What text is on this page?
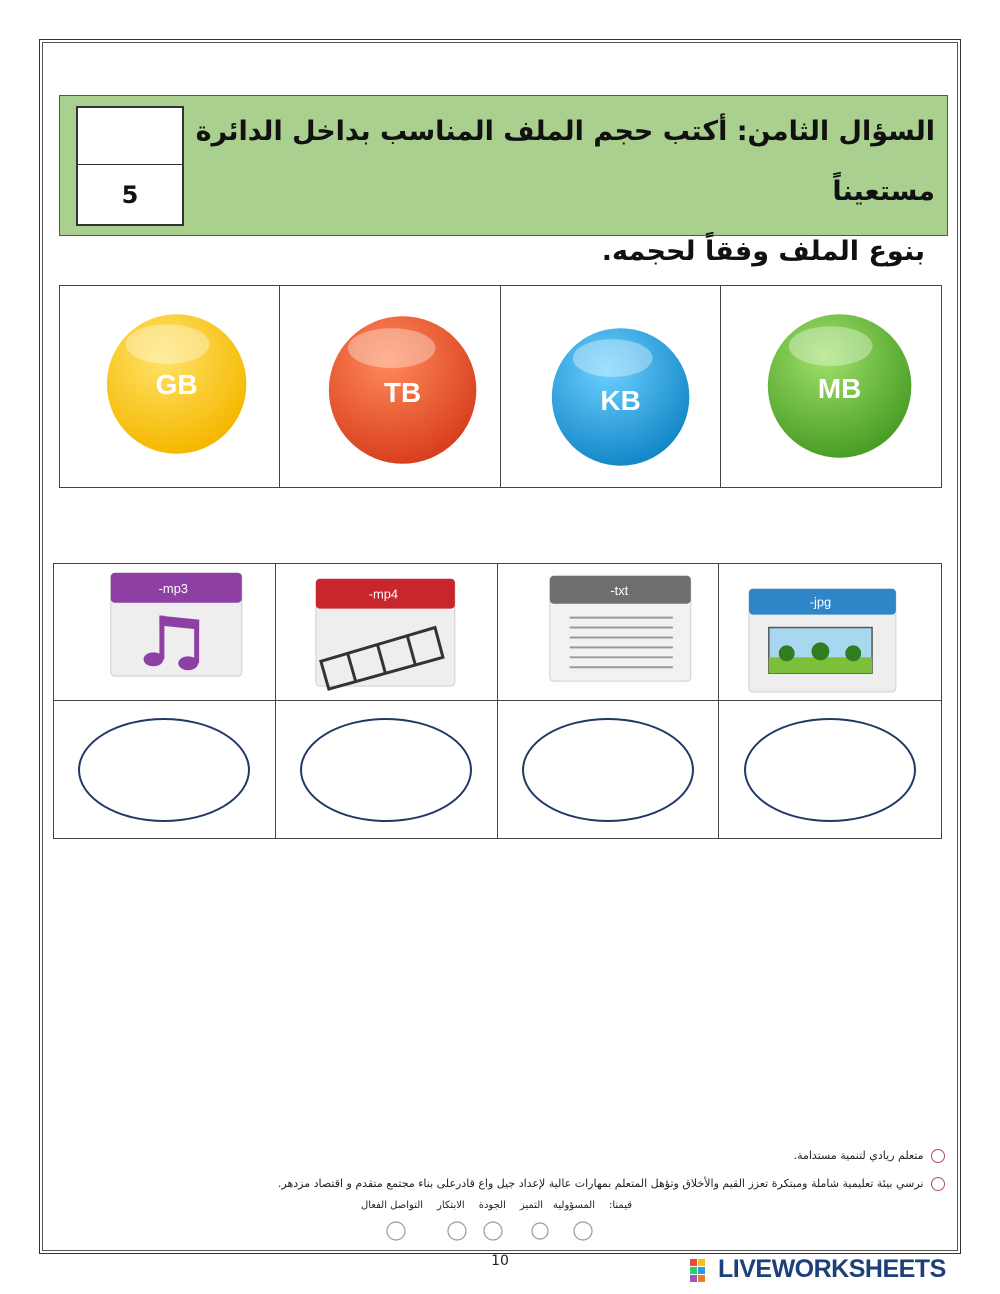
5
السؤال الثامن: أكتب حجم الملف المناسب بداخل الدائرة مستعيناً
بنوع الملف وفقاً لحجمه.
GB	TB	KB	MB
-mp3	-mp4	-txt	-jpg

متعلم ريادي لتنمية مستدامة.
نرسي بيئة تعليمية شاملة ومبتكرة تعزز القيم والأخلاق وتؤهل المتعلم بمهارات عالية لإعداد جيل واع قادرعلى بناء مجتمع متقدم و اقتصاد مزدهر.
قيمنا:المسؤوليةالتميزالجودةالابتكارالتواصل الفعال
10	LIVEWORKSHEETS
